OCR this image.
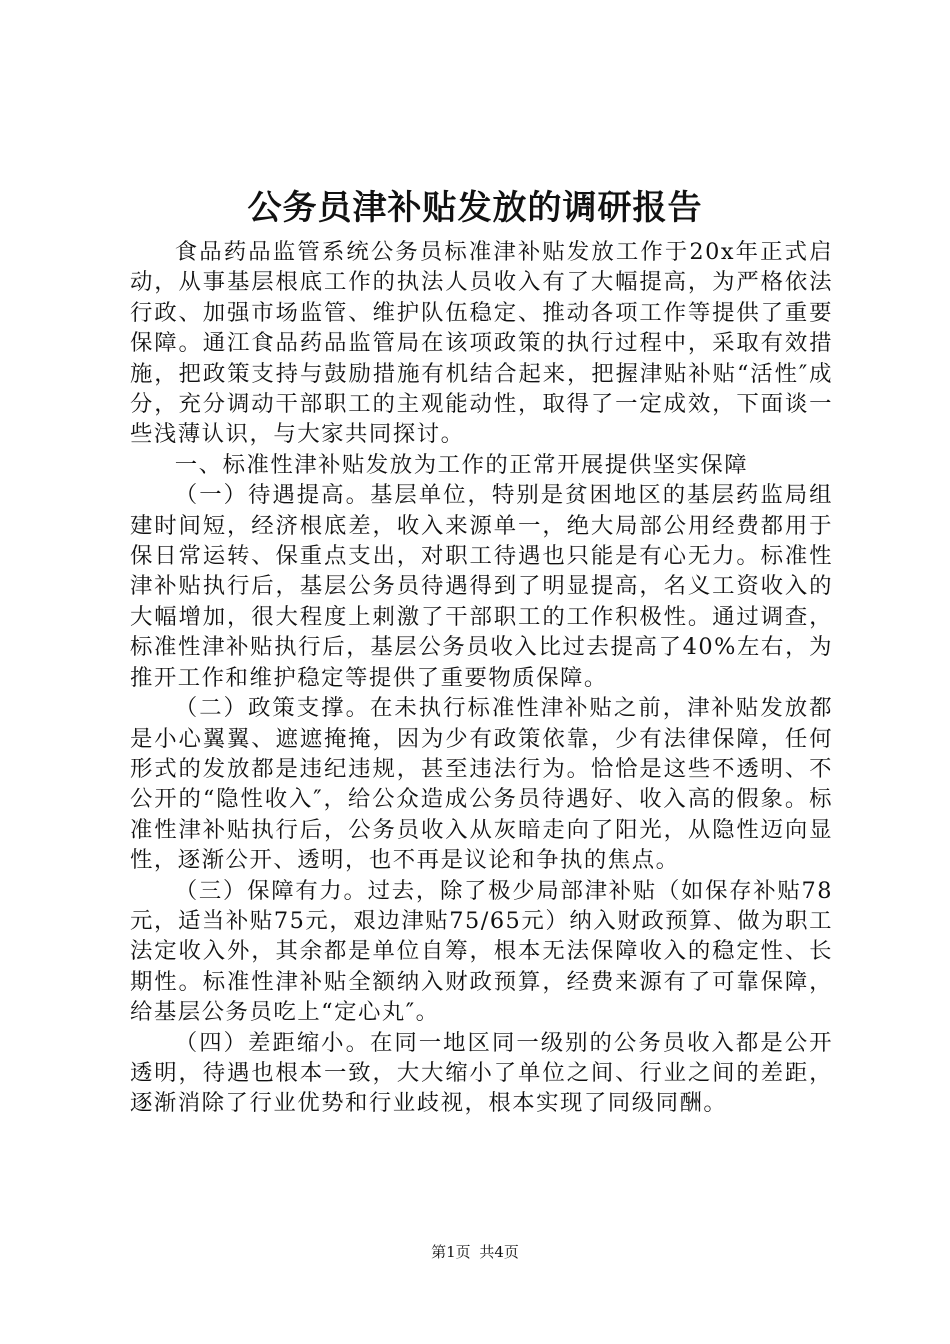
公务员津补贴发放的调研报告

食品药品监管系统公务员标准津补贴发放工作于20x年正式启动，从事基层根底工作的执法人员收入有了大幅提高，为严格依法行政、加强市场监管、维护队伍稳定、推动各项工作等提供了重要保障。通江食品药品监管局在该项政策的执行过程中，采取有效措施，把政策支持与鼓励措施有机结合起来，把握津贴补贴“活性″成分，充分调动干部职工的主观能动性，取得了一定成效，下面谈一些浅薄认识，与大家共同探讨。

一、标准性津补贴发放为工作的正常开展提供坚实保障

（一）待遇提高。基层单位，特别是贫困地区的基层药监局组建时间短，经济根底差，收入来源单一，绝大局部公用经费都用于保日常运转、保重点支出，对职工待遇也只能是有心无力。标准性津补贴执行后，基层公务员待遇得到了明显提高，名义工资收入的大幅增加，很大程度上刺激了干部职工的工作积极性。通过调查，标准性津补贴执行后，基层公务员收入比过去提高了40%左右，为推开工作和维护稳定等提供了重要物质保障。

（二）政策支撑。在未执行标准性津补贴之前，津补贴发放都是小心翼翼、遮遮掩掩，因为少有政策依靠，少有法律保障，任何形式的发放都是违纪违规，甚至违法行为。恰恰是这些不透明、不公开的“隐性收入″，给公众造成公务员待遇好、收入高的假象。标准性津补贴执行后，公务员收入从灰暗走向了阳光，从隐性迈向显性，逐渐公开、透明，也不再是议论和争执的焦点。

（三）保障有力。过去，除了极少局部津补贴（如保存补贴78元，适当补贴75元，艰边津贴75/65元）纳入财政预算、做为职工法定收入外，其余都是单位自筹，根本无法保障收入的稳定性、长期性。标准性津补贴全额纳入财政预算，经费来源有了可靠保障，给基层公务员吃上“定心丸″。

（四）差距缩小。在同一地区同一级别的公务员收入都是公开透明，待遇也根本一致，大大缩小了单位之间、行业之间的差距，逐渐消除了行业优势和行业歧视，根本实现了同级同酬。

第1页 共4页
